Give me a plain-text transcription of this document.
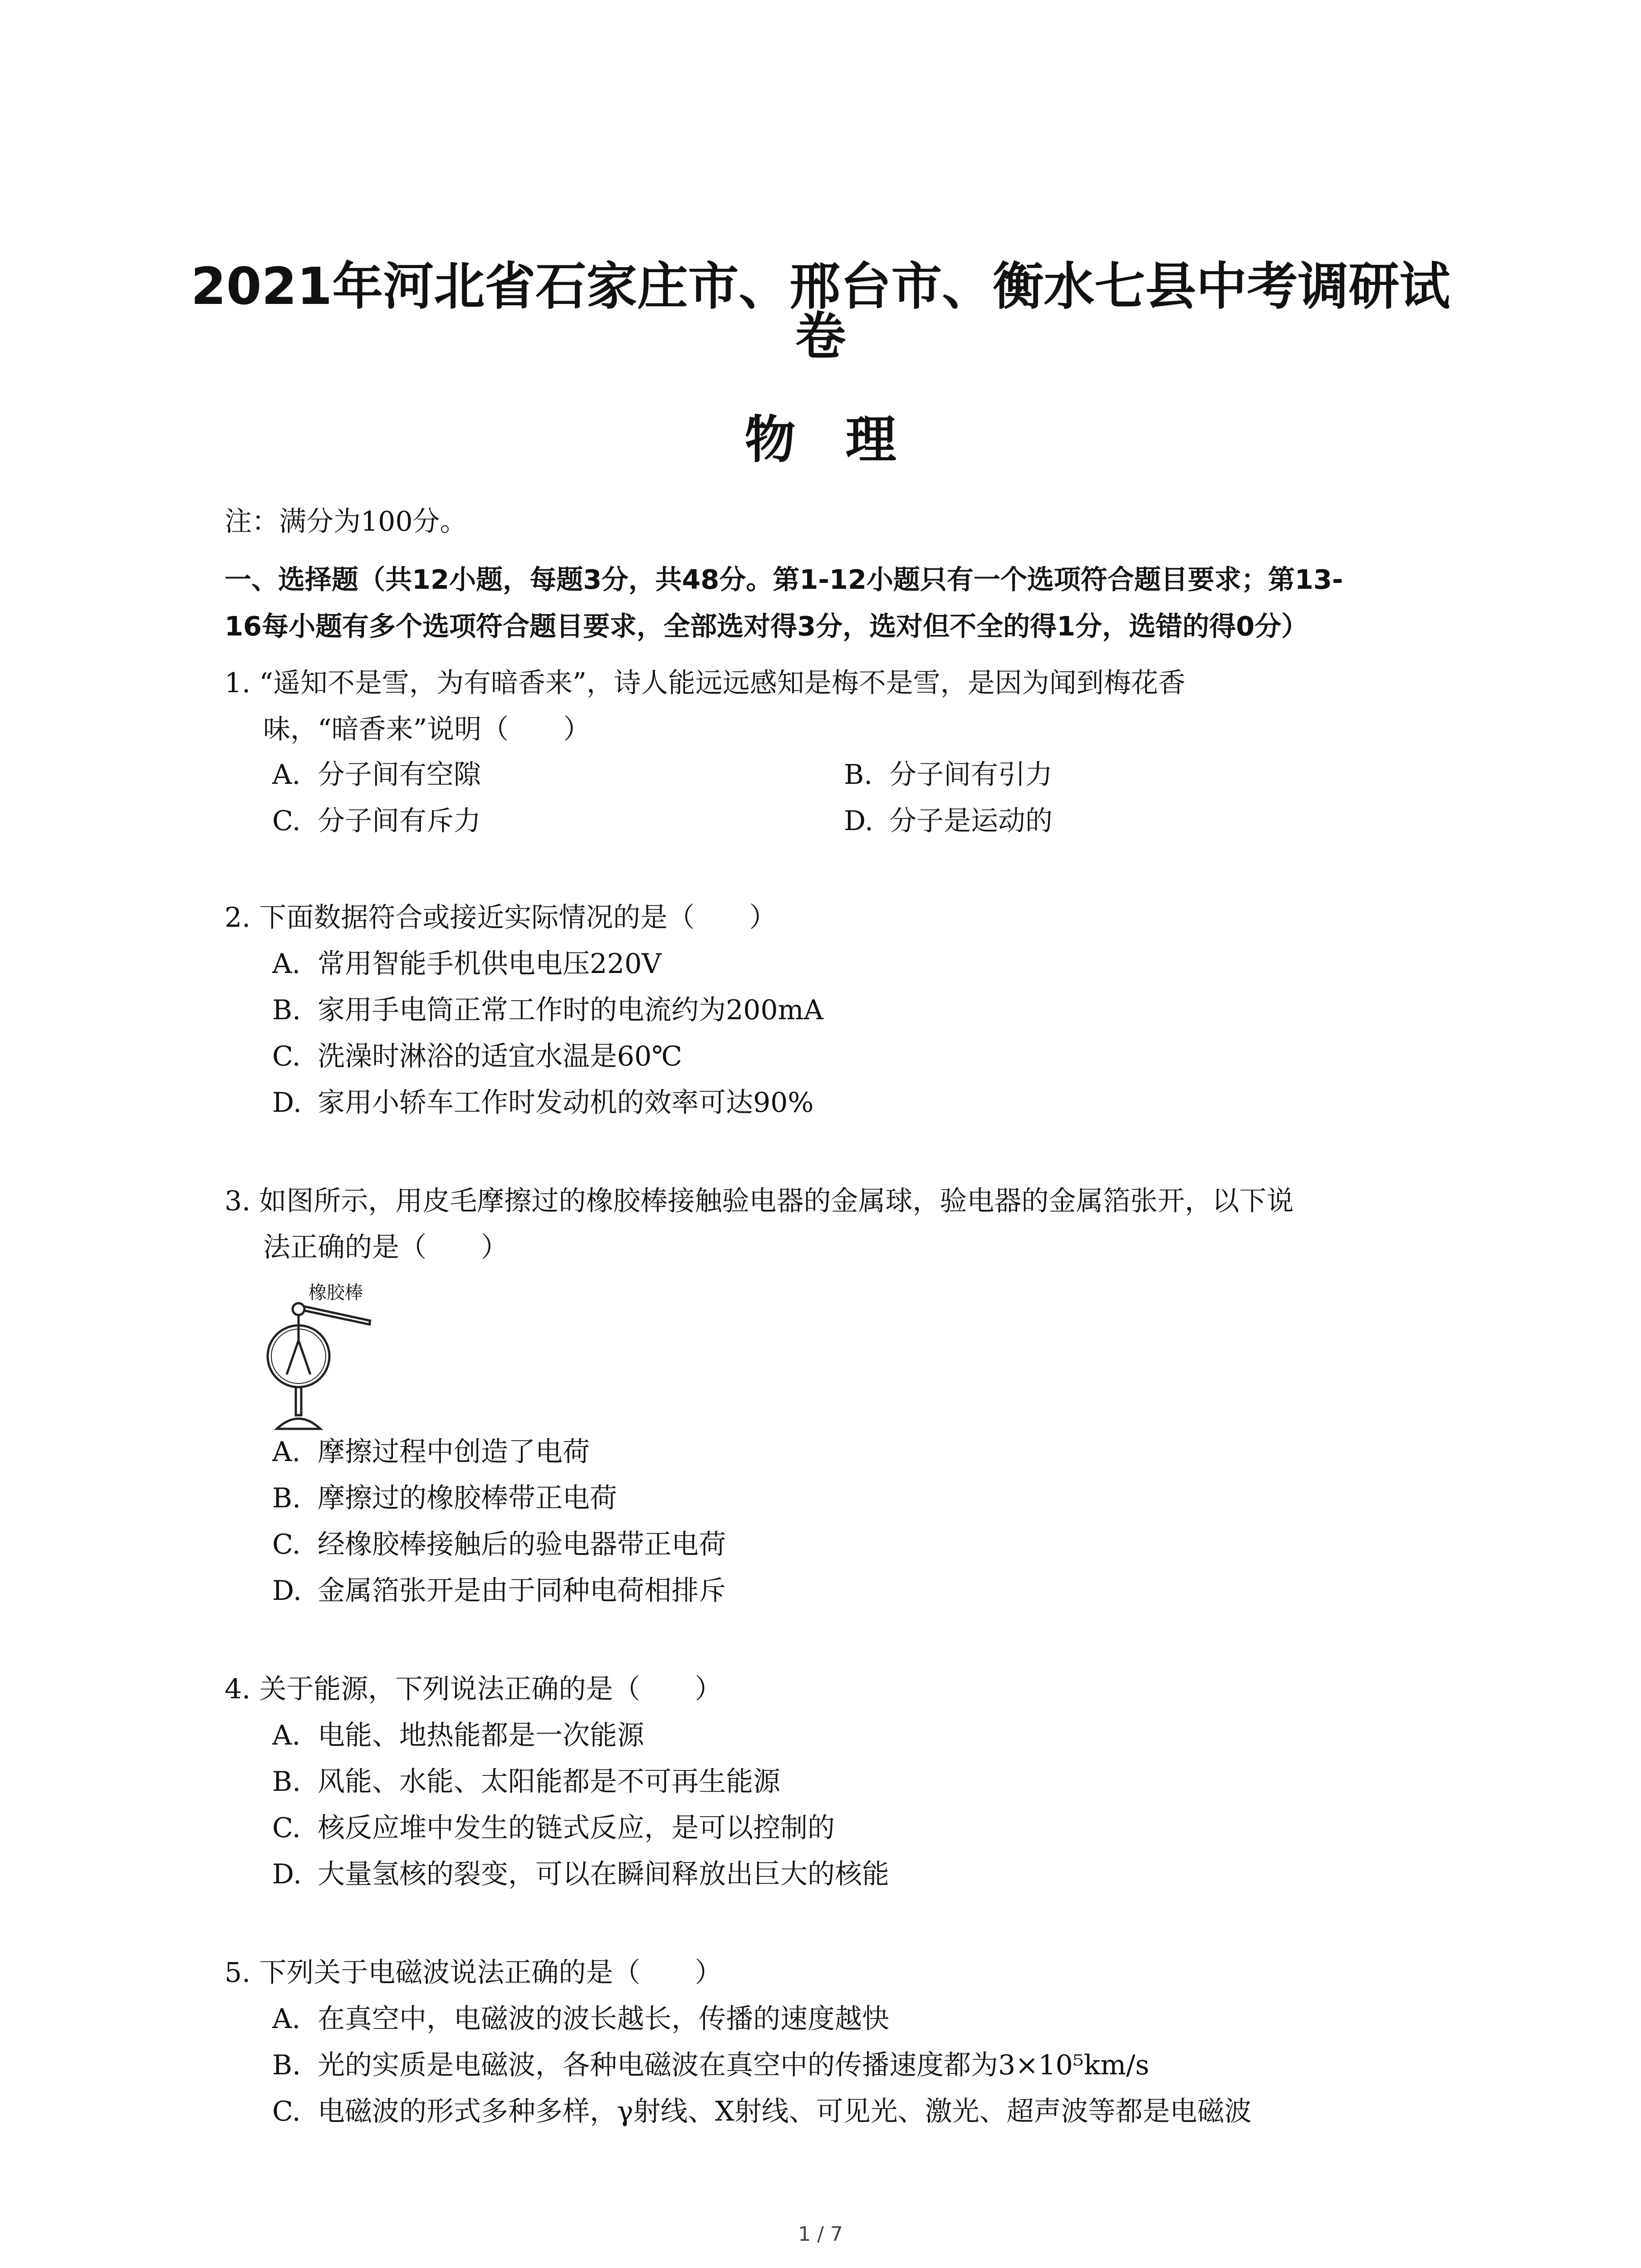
2021年河北省石家庄市、邢台市、衡水七县中考调研试
卷
物理
注：满分为100分。
一、选择题（共12小题，每题3分，共48分。第1-12小题只有一个选项符合题目要求；第13-
16每小题有多个选项符合题目要求，全部选对得3分，选对但不全的得1分，选错的得0分）
1. “遥知不是雪，为有暗香来”，诗人能远远感知是梅不是雪，是因为闻到梅花香
味，“暗香来”说明（　　）
A. 分子间有空隙	B. 分子间有引力
C. 分子间有斥力	D. 分子是运动的
2. 下面数据符合或接近实际情况的是（　　）
A. 常用智能手机供电电压220V
B. 家用手电筒正常工作时的电流约为200mA
C. 洗澡时淋浴的适宜水温是60℃
D. 家用小轿车工作时发动机的效率可达90%
3. 如图所示，用皮毛摩擦过的橡胶棒接触验电器的金属球，验电器的金属箔张开，以下说
法正确的是（　　）
橡胶棒
A. 摩擦过程中创造了电荷
B. 摩擦过的橡胶棒带正电荷
C. 经橡胶棒接触后的验电器带正电荷
D. 金属箔张开是由于同种电荷相排斥
4. 关于能源，下列说法正确的是（　　）
A. 电能、地热能都是一次能源
B. 风能、水能、太阳能都是不可再生能源
C. 核反应堆中发生的链式反应，是可以控制的
D. 大量氢核的裂变，可以在瞬间释放出巨大的核能
5. 下列关于电磁波说法正确的是（　　）
A. 在真空中，电磁波的波长越长，传播的速度越快
B. 光的实质是电磁波，各种电磁波在真空中的传播速度都为3×10⁵km/s
C. 电磁波的形式多种多样，γ射线、X射线、可见光、激光、超声波等都是电磁波
1 / 7
